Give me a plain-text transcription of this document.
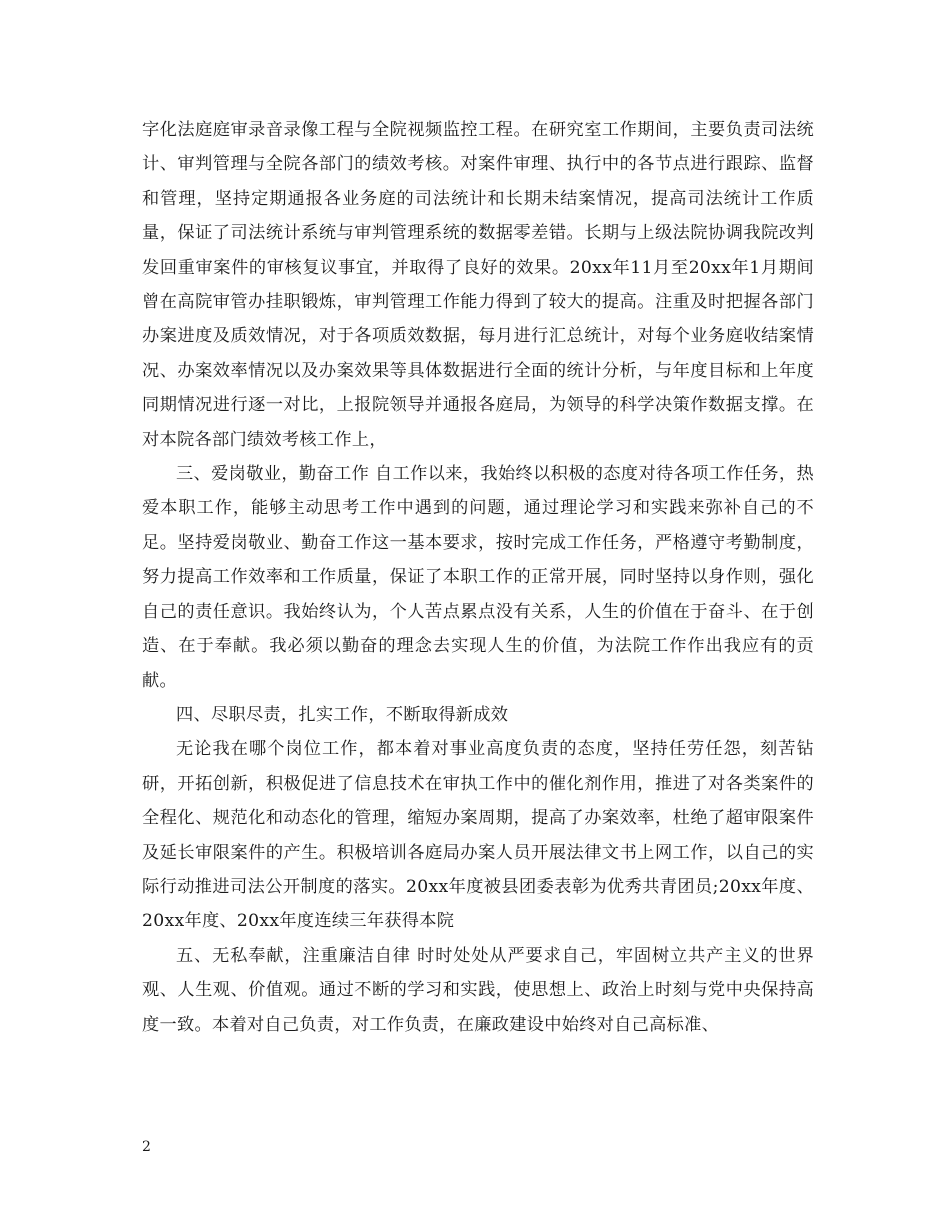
字化法庭庭审录音录像工程与全院视频监控工程。在研究室工作期间，主要负责司法统计、审判管理与全院各部门的绩效考核。对案件审理、执行中的各节点进行跟踪、监督和管理，坚持定期通报各业务庭的司法统计和长期未结案情况，提高司法统计工作质量，保证了司法统计系统与审判管理系统的数据零差错。长期与上级法院协调我院改判发回重审案件的审核复议事宜，并取得了良好的效果。20xx年11月至20xx年1月期间曾在高院审管办挂职锻炼，审判管理工作能力得到了较大的提高。注重及时把握各部门办案进度及质效情况，对于各项质效数据，每月进行汇总统计，对每个业务庭收结案情况、办案效率情况以及办案效果等具体数据进行全面的统计分析，与年度目标和上年度同期情况进行逐一对比，上报院领导并通报各庭局，为领导的科学决策作数据支撑。在对本院各部门绩效考核工作上，

三、爱岗敬业，勤奋工作 自工作以来，我始终以积极的态度对待各项工作任务，热爱本职工作，能够主动思考工作中遇到的问题，通过理论学习和实践来弥补自己的不足。坚持爱岗敬业、勤奋工作这一基本要求，按时完成工作任务，严格遵守考勤制度，努力提高工作效率和工作质量，保证了本职工作的正常开展，同时坚持以身作则，强化自己的责任意识。我始终认为，个人苦点累点没有关系，人生的价值在于奋斗、在于创造、在于奉献。我必须以勤奋的理念去实现人生的价值，为法院工作作出我应有的贡献。

四、尽职尽责，扎实工作，不断取得新成效

无论我在哪个岗位工作，都本着对事业高度负责的态度，坚持任劳任怨，刻苦钻研，开拓创新，积极促进了信息技术在审执工作中的催化剂作用，推进了对各类案件的全程化、规范化和动态化的管理，缩短办案周期，提高了办案效率，杜绝了超审限案件及延长审限案件的产生。积极培训各庭局办案人员开展法律文书上网工作，以自己的实际行动推进司法公开制度的落实。20xx年度被县团委表彰为优秀共青团员;20xx年度、20xx年度、20xx年度连续三年获得本院

五、无私奉献，注重廉洁自律 时时处处从严要求自己，牢固树立共产主义的世界观、人生观、价值观。通过不断的学习和实践，使思想上、政治上时刻与党中央保持高度一致。本着对自己负责，对工作负责，在廉政建设中始终对自己高标准、

2
